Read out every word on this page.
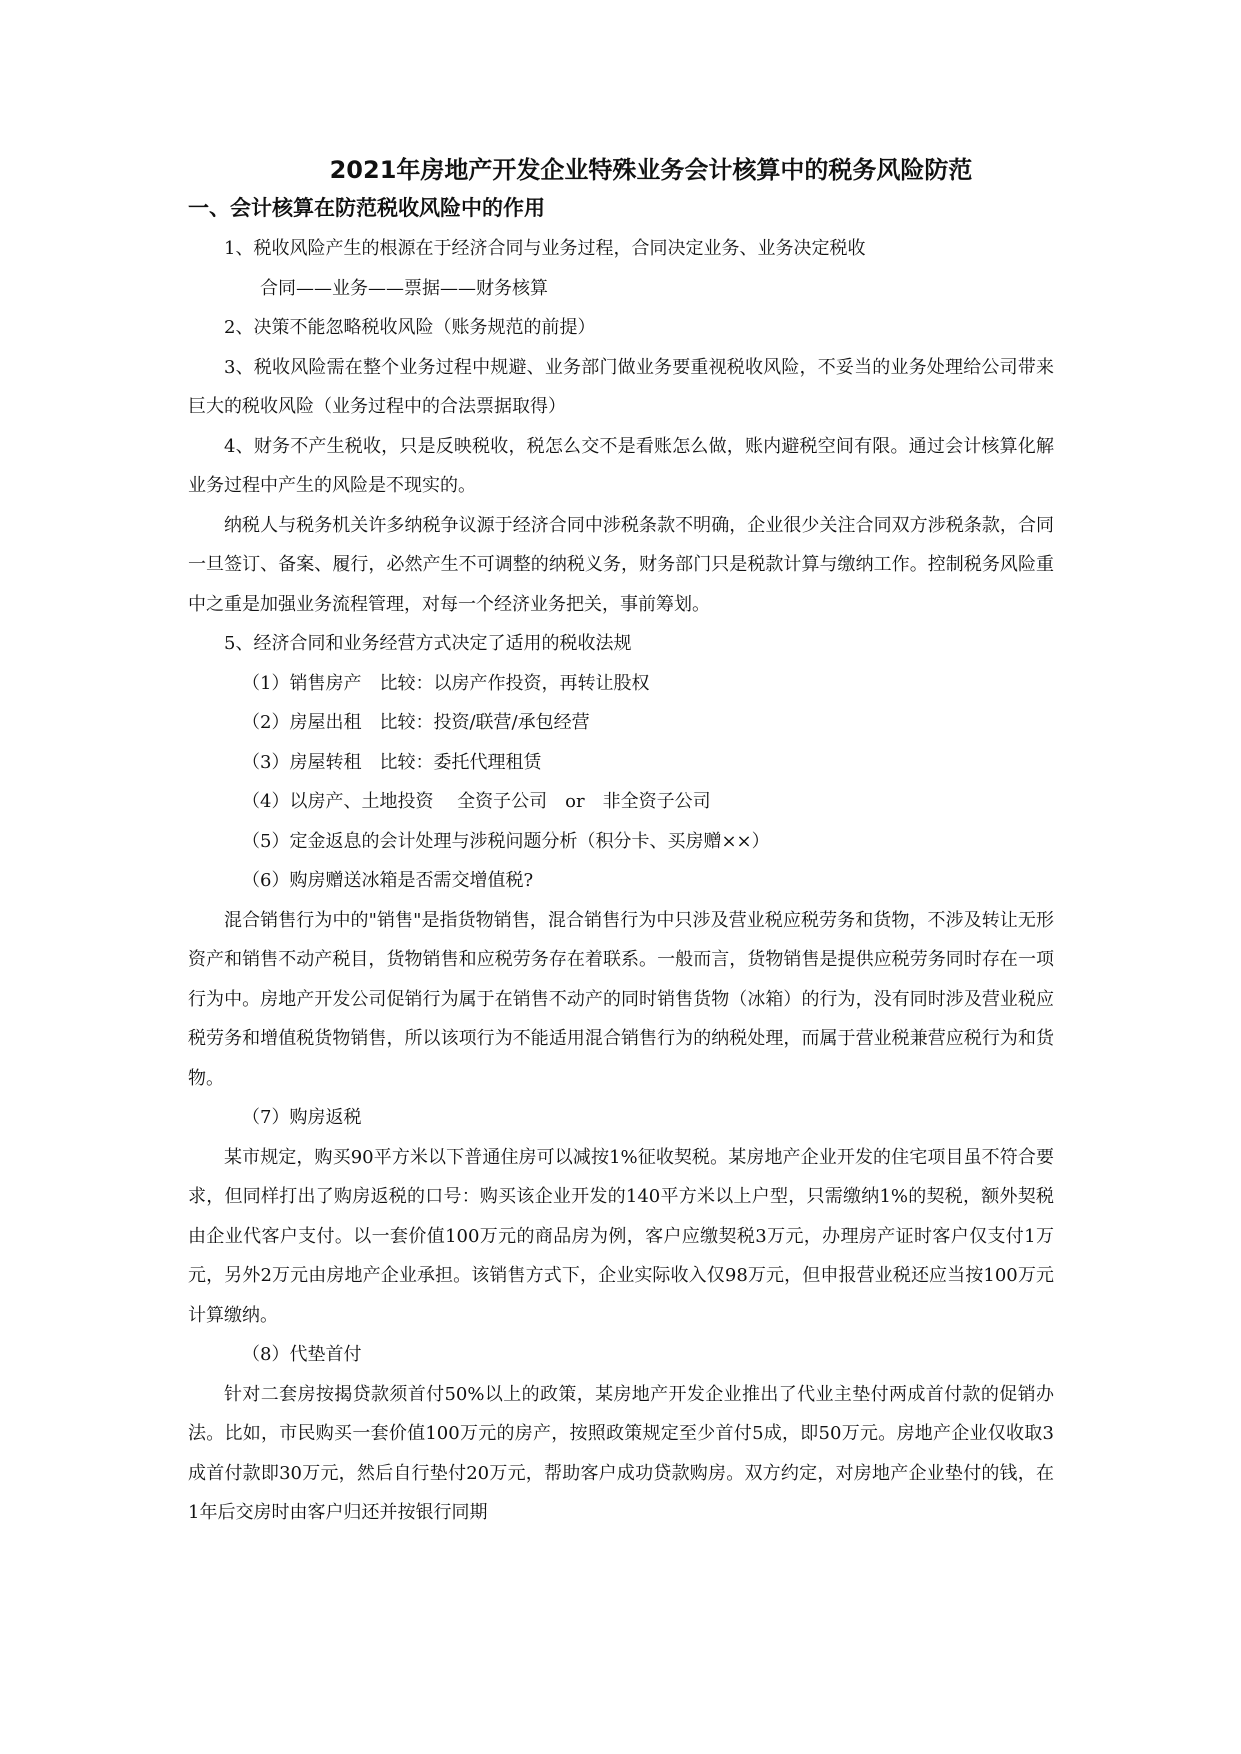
2021年房地产开发企业特殊业务会计核算中的税务风险防范
一、会计核算在防范税收风险中的作用

1、税收风险产生的根源在于经济合同与业务过程，合同决定业务、业务决定税收

合同——业务——票据——财务核算

2、决策不能忽略税收风险（账务规范的前提）

3、税收风险需在整个业务过程中规避、业务部门做业务要重视税收风险，不妥当的业务处理给公司带来巨大的税收风险（业务过程中的合法票据取得）

4、财务不产生税收，只是反映税收，税怎么交不是看账怎么做，账内避税空间有限。通过会计核算化解业务过程中产生的风险是不现实的。

纳税人与税务机关许多纳税争议源于经济合同中涉税条款不明确，企业很少关注合同双方涉税条款，合同一旦签订、备案、履行，必然产生不可调整的纳税义务，财务部门只是税款计算与缴纳工作。控制税务风险重中之重是加强业务流程管理，对每一个经济业务把关，事前筹划。

5、经济合同和业务经营方式决定了适用的税收法规

（1）销售房产　比较：以房产作投资，再转让股权

（2）房屋出租　比较：投资/联营/承包经营

（3）房屋转租　比较：委托代理租赁

（4）以房产、土地投资　 全资子公司　or　非全资子公司

（5）定金返息的会计处理与涉税问题分析（积分卡、买房赠××）

（6）购房赠送冰箱是否需交增值税?

混合销售行为中的"销售"是指货物销售，混合销售行为中只涉及营业税应税劳务和货物，不涉及转让无形资产和销售不动产税目，货物销售和应税劳务存在着联系。一般而言，货物销售是提供应税劳务同时存在一项行为中。房地产开发公司促销行为属于在销售不动产的同时销售货物（冰箱）的行为，没有同时涉及营业税应税劳务和增值税货物销售，所以该项行为不能适用混合销售行为的纳税处理，而属于营业税兼营应税行为和货物。

（7）购房返税

某市规定，购买90平方米以下普通住房可以减按1%征收契税。某房地产企业开发的住宅项目虽不符合要求，但同样打出了购房返税的口号：购买该企业开发的140平方米以上户型，只需缴纳1%的契税，额外契税由企业代客户支付。以一套价值100万元的商品房为例，客户应缴契税3万元，办理房产证时客户仅支付1万元，另外2万元由房地产企业承担。该销售方式下，企业实际收入仅98万元，但申报营业税还应当按100万元计算缴纳。

（8）代垫首付

针对二套房按揭贷款须首付50%以上的政策，某房地产开发企业推出了代业主垫付两成首付款的促销办法。比如，市民购买一套价值100万元的房产，按照政策规定至少首付5成，即50万元。房地产企业仅收取3成首付款即30万元，然后自行垫付20万元，帮助客户成功贷款购房。双方约定，对房地产企业垫付的钱，在1年后交房时由客户归还并按银行同期
